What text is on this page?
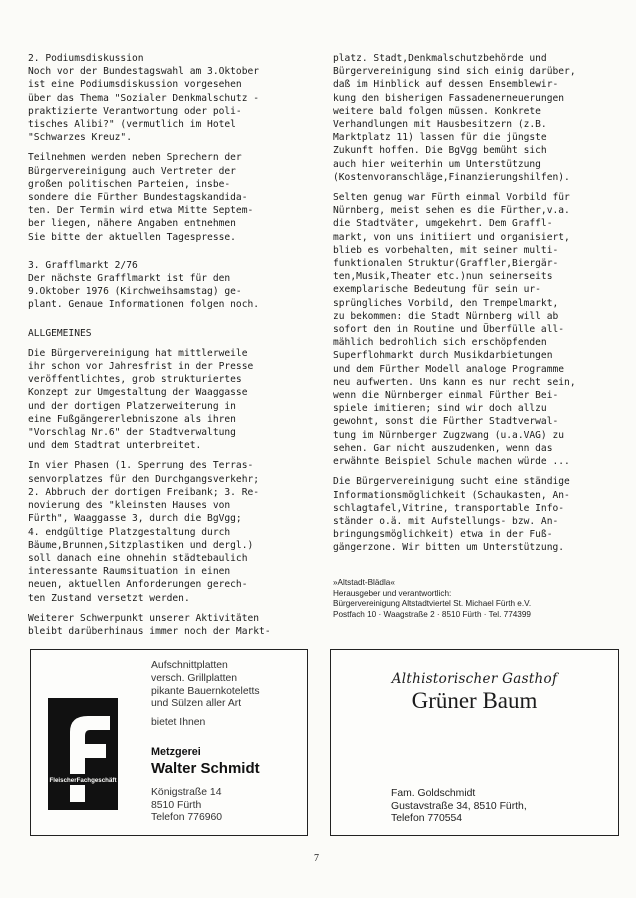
2. Podiumsdiskussion

Noch vor der Bundestagswahl am 3.Oktober
ist eine Podiumsdiskussion vorgesehen
über das Thema "Sozialer Denkmalschutz -
praktizierte Verantwortung oder poli-
tisches Alibi?" (vermutlich im Hotel
"Schwarzes Kreuz".

Teilnehmen werden neben Sprechern der
Bürgervereinigung auch Vertreter der
großen politischen Parteien, insbe-
sondere die Fürther Bundestagskandida-
ten. Der Termin wird etwa Mitte Septem-
ber liegen, nähere Angaben entnehmen
Sie bitte der aktuellen Tagespresse.

3. Grafflmarkt 2/76

Der nächste Grafflmarkt ist für den
9.Oktober 1976 (Kirchweihsamstag) ge-
plant. Genaue Informationen folgen noch.

ALLGEMEINES

Die Bürgervereinigung hat mittlerweile
ihr schon vor Jahresfrist in der Presse
veröffentlichtes, grob strukturiertes
Konzept zur Umgestaltung der Waaggasse
und der dortigen Platzerweiterung in
eine Fußgängererlebniszone als ihren
"Vorschlag Nr.6" der Stadtverwaltung
und dem Stadtrat unterbreitet.

In vier Phasen (1. Sperrung des Terras-
senvorplatzes für den Durchgangsverkehr;
2. Abbruch der dortigen Freibank; 3. Re-
novierung des "kleinsten Hauses von
Fürth", Waaggasse 3, durch die BgVgg;
4. endgültige Platzgestaltung durch
Bäume,Brunnen,Sitzplastiken und dergl.)
soll danach eine ohnehin städtebaulich
interessante Raumsituation in einen
neuen, aktuellen Anforderungen gerech-
ten Zustand versetzt werden.

Weiterer Schwerpunkt unserer Aktivitäten
bleibt darüberhinaus immer noch der Markt-

platz. Stadt,Denkmalschutzbehörde und
Bürgervereinigung sind sich einig darüber,
daß im Hinblick auf dessen Ensemblewir-
kung den bisherigen Fassadenerneuerungen
weitere bald folgen müssen. Konkrete
Verhandlungen mit Hausbesitzern (z.B.
Marktplatz 11) lassen für die jüngste
Zukunft hoffen. Die BgVgg bemüht sich
auch hier weiterhin um Unterstützung
(Kostenvoranschläge,Finanzierungshilfen).

Selten genug war Fürth einmal Vorbild für
Nürnberg, meist sehen es die Fürther,v.a.
die Stadtväter, umgekehrt. Dem Graffl-
markt, von uns initiiert und organisiert,
blieb es vorbehalten, mit seiner multi-
funktionalen Struktur(Graffler,Biergär-
ten,Musik,Theater etc.)nun seinerseits
exemplarische Bedeutung für sein ur-
sprüngliches Vorbild, den Trempelmarkt,
zu bekommen: die Stadt Nürnberg will ab
sofort den in Routine und Überfülle all-
mählich bedrohlich sich erschöpfenden
Superflohmarkt durch Musikdarbietungen
und dem Fürther Modell analoge Programme
neu aufwerten. Uns kann es nur recht sein,
wenn die Nürnberger einmal Fürther Bei-
spiele imitieren; sind wir doch allzu
gewohnt, sonst die Fürther Stadtverwal-
tung im Nürnberger Zugzwang (u.a.VAG) zu
sehen. Gar nicht auszudenken, wenn das
erwähnte Beispiel Schule machen würde ...

Die Bürgervereinigung sucht eine ständige
Informationsmöglichkeit (Schaukasten, An-
schlagtafel,Vitrine, transportable Info-
ständer o.ä. mit Aufstellungs- bzw. An-
bringungsmöglichkeit) etwa in der Fuß-
gängerzone. Wir bitten um Unterstützung.

»Altstadt-Blädla«
Herausgeber und verantwortlich:
Bürgervereinigung Altstadtviertel St. Michael Fürth e.V.
Postfach 10 · Waagstraße 2 · 8510 Fürth · Tel. 774399
FleischerFachgeschäft
Aufschnittplatten
versch. Grillplatten
pikante Bauernkoteletts
und Sülzen aller Art
bietet Ihnen
Metzgerei
Walter Schmidt
Königstraße 14
8510 Fürth
Telefon 776960
Althistorischer Gasthof
Grüner Baum
Fam. Goldschmidt
Gustavstraße 34, 8510 Fürth,
Telefon 770554
7
